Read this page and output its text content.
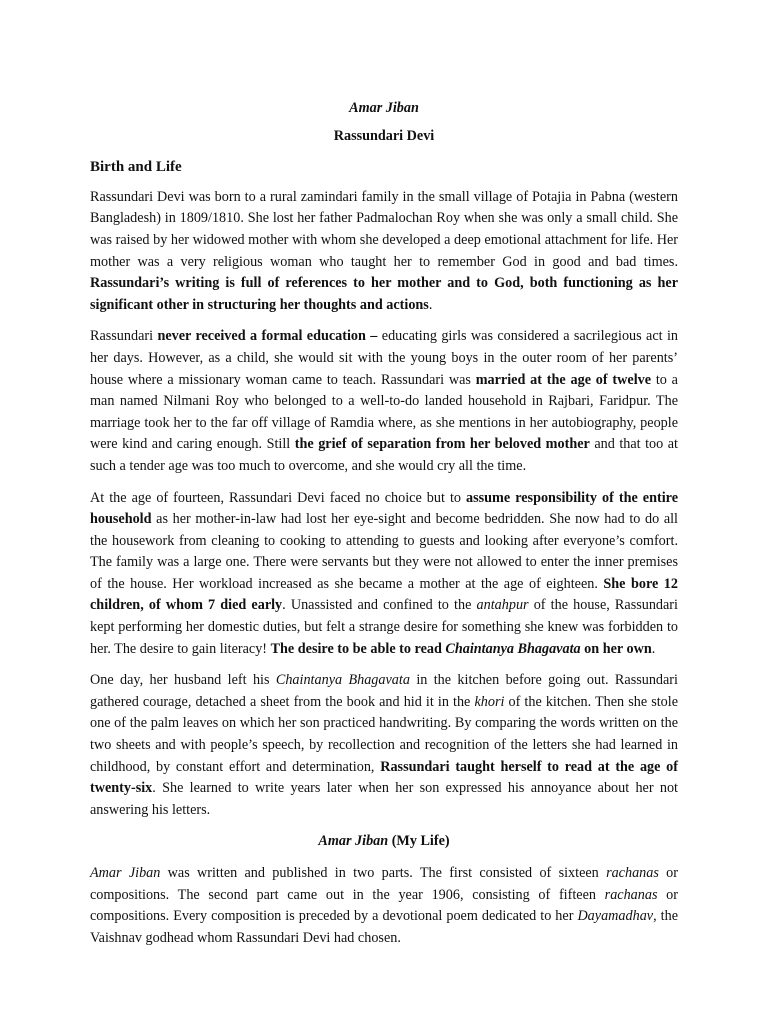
Amar Jiban
Rassundari Devi
Birth and Life

Rassundari Devi was born to a rural zamindari family in the small village of Potajia in Pabna (western Bangladesh) in 1809/1810. She lost her father Padmalochan Roy when she was only a small child. She was raised by her widowed mother with whom she developed a deep emotional attachment for life. Her mother was a very religious woman who taught her to remember God in good and bad times. Rassundari’s writing is full of references to her mother and to God, both functioning as her significant other in structuring her thoughts and actions.

Rassundari never received a formal education – educating girls was considered a sacrilegious act in her days. However, as a child, she would sit with the young boys in the outer room of her parents’ house where a missionary woman came to teach. Rassundari was married at the age of twelve to a man named Nilmani Roy who belonged to a well-to-do landed household in Rajbari, Faridpur. The marriage took her to the far off village of Ramdia where, as she mentions in her autobiography, people were kind and caring enough. Still the grief of separation from her beloved mother and that too at such a tender age was too much to overcome, and she would cry all the time.

At the age of fourteen, Rassundari Devi faced no choice but to assume responsibility of the entire household as her mother-in-law had lost her eye-sight and become bedridden. She now had to do all the housework from cleaning to cooking to attending to guests and looking after everyone’s comfort. The family was a large one. There were servants but they were not allowed to enter the inner premises of the house. Her workload increased as she became a mother at the age of eighteen. She bore 12 children, of whom 7 died early. Unassisted and confined to the antahpur of the house, Rassundari kept performing her domestic duties, but felt a strange desire for something she knew was forbidden to her. The desire to gain literacy! The desire to be able to read Chaintanya Bhagavata on her own.

One day, her husband left his Chaintanya Bhagavata in the kitchen before going out. Rassundari gathered courage, detached a sheet from the book and hid it in the khori of the kitchen. Then she stole one of the palm leaves on which her son practiced handwriting. By comparing the words written on the two sheets and with people’s speech, by recollection and recognition of the letters she had learned in childhood, by constant effort and determination, Rassundari taught herself to read at the age of twenty-six. She learned to write years later when her son expressed his annoyance about her not answering his letters.

Amar Jiban (My Life)

Amar Jiban was written and published in two parts. The first consisted of sixteen rachanas or compositions. The second part came out in the year 1906, consisting of fifteen rachanas or compositions. Every composition is preceded by a devotional poem dedicated to her Dayamadhav, the Vaishnav godhead whom Rassundari Devi had chosen.
